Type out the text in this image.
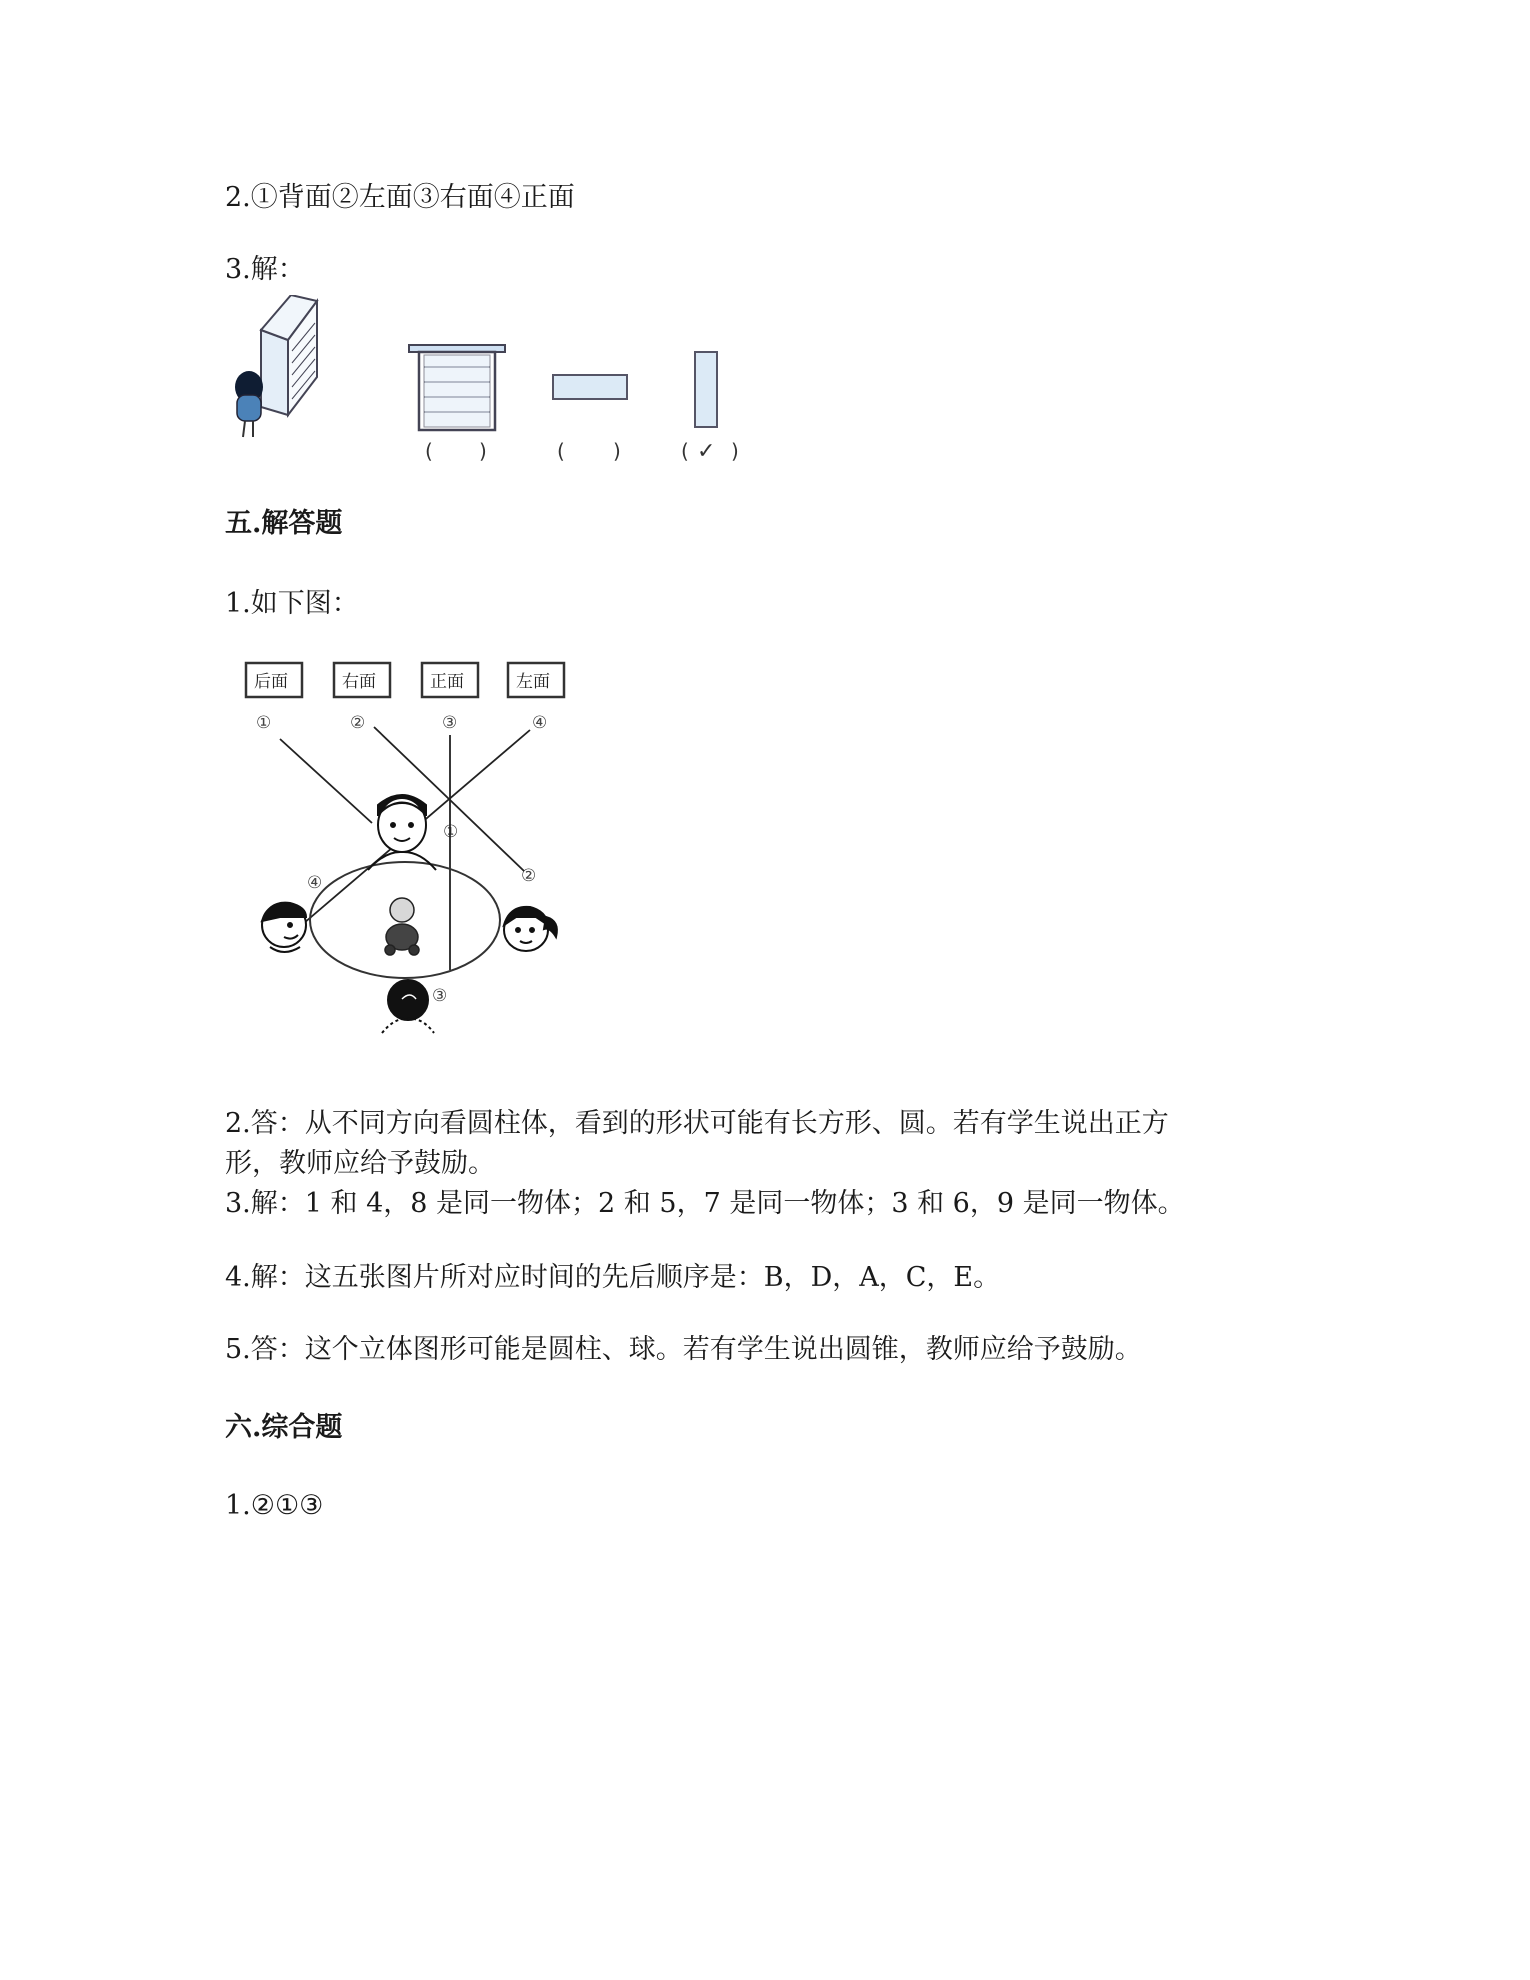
2.①背面②左面③右面④正面
3.解：
( )	( )	( ✓ )
五.解答题
1.如下图：
后面	右面	正面	左面
①	②	③	④
①
②
④
③
2.答：从不同方向看圆柱体，看到的形状可能有长方形、圆。若有学生说出正方
形，教师应给予鼓励。
3.解：1 和 4，8 是同一物体；2 和 5，7 是同一物体；3 和 6，9 是同一物体。
4.解：这五张图片所对应时间的先后顺序是：B，D，A，C，E。
5.答：这个立体图形可能是圆柱、球。若有学生说出圆锥，教师应给予鼓励。
六.综合题
1.②①③
